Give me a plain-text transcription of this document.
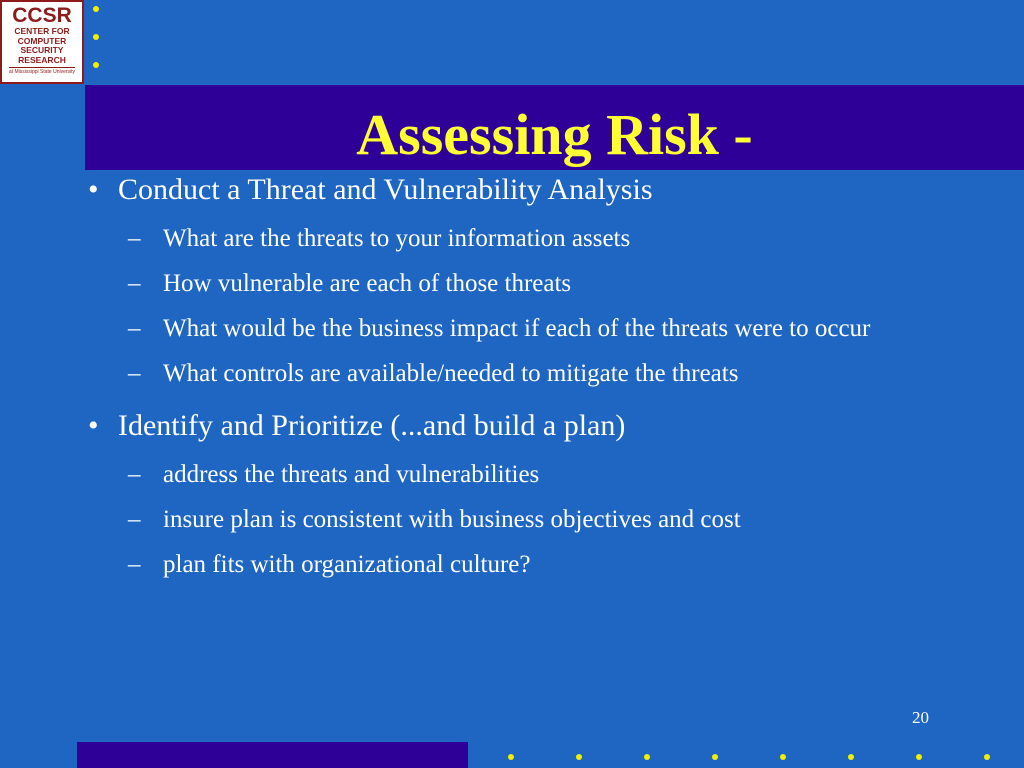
CCSR
CENTER FOR
COMPUTER
SECURITY
RESEARCH
at Mississippi State University
Assessing Risk -
• Conduct a Threat and Vulnerability Analysis
– What are the threats to your information assets
– How vulnerable are each of those threats
– What would be the business impact if each of the threats were to occur
– What controls are available/needed to mitigate the threats
• Identify and Prioritize (...and build a plan)
– address the threats and vulnerabilities
– insure plan is consistent with business objectives and cost
– plan fits with organizational culture?
20
